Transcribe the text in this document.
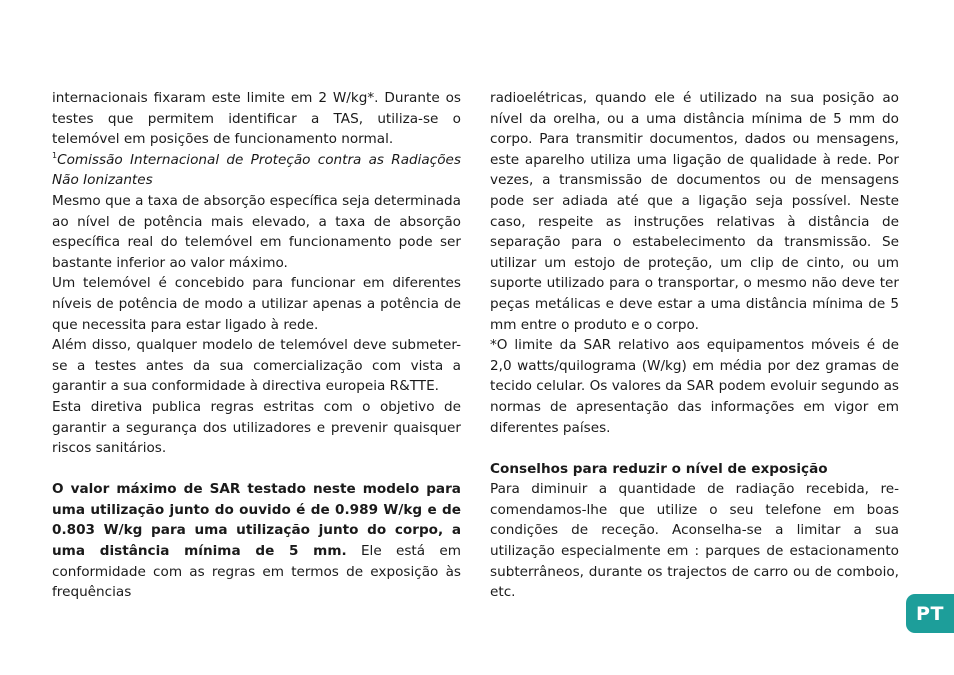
internacionais fixaram este limite em 2 W/kg*. Durante os testes que permitem identificar a TAS, utiliza-se o telemóvel em posições de funcionamento normal.

$^1$Comissão Internacional de Proteção contra as Radiações Não Ionizantes

Mesmo que a taxa de absorção específica seja determinada ao nível de potência mais elevado, a taxa de absorção específica real do telemóvel em funcionamento pode ser bastante inferior ao valor máximo.

Um telemóvel é concebido para funcionar em diferentes níveis de potência de modo a utilizar apenas a potência de que necessita para estar ligado à rede.

Além disso, qualquer modelo de telemóvel deve submeter-se a testes antes da sua comercialização com vista a garantir a sua conformidade à directiva europeia R&TTE.

Esta diretiva publica regras estritas com o objetivo de garantir a segurança dos utilizadores e prevenir quaisquer riscos sanitários.

O valor máximo de SAR testado neste modelo para uma utilização junto do ouvido é de 0.989 W/kg e de 0.803 W/kg para uma utilização junto do corpo, a uma distância mínima de 5 mm. Ele está em conformidade com as regras em termos de exposição às frequências

radioelétricas, quando ele é utilizado na sua posição ao nível da orelha, ou a uma distância mínima de 5 mm do corpo. Para transmitir documentos, dados ou mensagens, este aparelho utiliza uma ligação de qualidade à rede. Por vezes, a transmissão de documentos ou de mensagens pode ser adiada até que a ligação seja possível. Neste caso, respeite as instruções relativas à distância de separação para o estabelecimento da transmissão. Se utilizar um estojo de proteção, um clip de cinto, ou um suporte utilizado para o transportar, o mesmo não deve ter peças metálicas e deve estar a uma distância mínima de 5 mm entre o produto e o corpo.

*O limite da SAR relativo aos equipamentos móveis é de 2,0 watts/quilograma (W/kg) em média por dez gramas de tecido celular. Os valores da SAR podem evoluir segundo as normas de apresentação das informações em vigor em diferentes países.

Conselhos para reduzir o nível de exposição

Para diminuir a quantidade de radiação recebida, recomendamos-lhe que utilize o seu telefone em boas condições de receção. Aconselha-se a limitar a sua utilização especialmente em : parques de estacionamento subterrâneos, durante os trajectos de carro ou de comboio, etc.

PT
